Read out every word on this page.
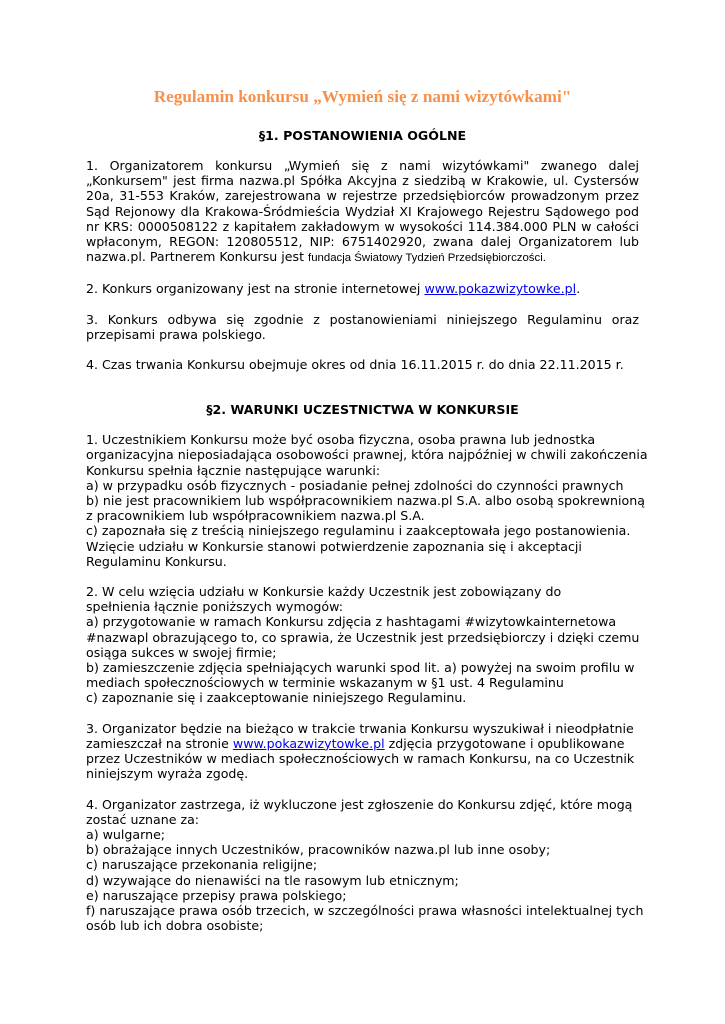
Regulamin konkursu „Wymień się z nami wizytówkami"
§1. POSTANOWIENIA OGÓLNE

1. Organizatorem konkursu „Wymień się z nami wizytówkami" zwanego dalej „Konkursem" jest firma nazwa.pl Spółka Akcyjna z siedzibą w Krakowie, ul. Cystersów 20a, 31-553 Kraków, zarejestrowana w rejestrze przedsiębiorców prowadzonym przez Sąd Rejonowy dla Krakowa-Śródmieścia Wydział XI Krajowego Rejestru Sądowego pod nr KRS: 0000508122 z kapitałem zakładowym w wysokości 114.384.000 PLN w całości wpłaconym, REGON: 120805512, NIP: 6751402920, zwana dalej Organizatorem lub nazwa.pl. Partnerem Konkursu jest fundacja Światowy Tydzień Przedsiębiorczości.

2. Konkurs organizowany jest na stronie internetowej www.pokazwizytowke.pl.

3. Konkurs odbywa się zgodnie z postanowieniami niniejszego Regulaminu oraz przepisami prawa polskiego.

4. Czas trwania Konkursu obejmuje okres od dnia 16.11.2015 r. do dnia 22.11.2015 r.

§2. WARUNKI UCZESTNICTWA W KONKURSIE
1. Uczestnikiem Konkursu może być osoba fizyczna, osoba prawna lub jednostka
organizacyjna nieposiadająca osobowości prawnej, która najpóźniej w chwili zakończenia
Konkursu spełnia łącznie następujące warunki:
a) w przypadku osób fizycznych - posiadanie pełnej zdolności do czynności prawnych
b) nie jest pracownikiem lub współpracownikiem nazwa.pl S.A. albo osobą spokrewnioną
z pracownikiem lub współpracownikiem nazwa.pl S.A.
c) zapoznała się z treścią niniejszego regulaminu i zaakceptowała jego postanowienia.
Wzięcie udziału w Konkursie stanowi potwierdzenie zapoznania się i akceptacji
Regulaminu Konkursu.
2. W celu wzięcia udziału w Konkursie każdy Uczestnik jest zobowiązany do
spełnienia łącznie poniższych wymogów:
a) przygotowanie w ramach Konkursu zdjęcia z hashtagami #wizytowkainternetowa
#nazwapl obrazującego to, co sprawia, że Uczestnik jest przedsiębiorczy i dzięki czemu
osiąga sukces w swojej firmie;
b) zamieszczenie zdjęcia spełniających warunki spod lit. a) powyżej na swoim profilu w
mediach społecznościowych w terminie wskazanym w §1 ust. 4 Regulaminu
c) zapoznanie się i zaakceptowanie niniejszego Regulaminu.
3. Organizator będzie na bieżąco w trakcie trwania Konkursu wyszukiwał i nieodpłatnie
zamieszczał na stronie www.pokazwizytowke.pl zdjęcia przygotowane i opublikowane
przez Uczestników w mediach społecznościowych w ramach Konkursu, na co Uczestnik
niniejszym wyraża zgodę.
4. Organizator zastrzega, iż wykluczone jest zgłoszenie do Konkursu zdjęć, które mogą
zostać uznane za:
a) wulgarne;
b) obrażające innych Uczestników, pracowników nazwa.pl lub inne osoby;
c) naruszające przekonania religijne;
d) wzywające do nienawiści na tle rasowym lub etnicznym;
e) naruszające przepisy prawa polskiego;
f) naruszające prawa osób trzecich, w szczególności prawa własności intelektualnej tych
osób lub ich dobra osobiste;
